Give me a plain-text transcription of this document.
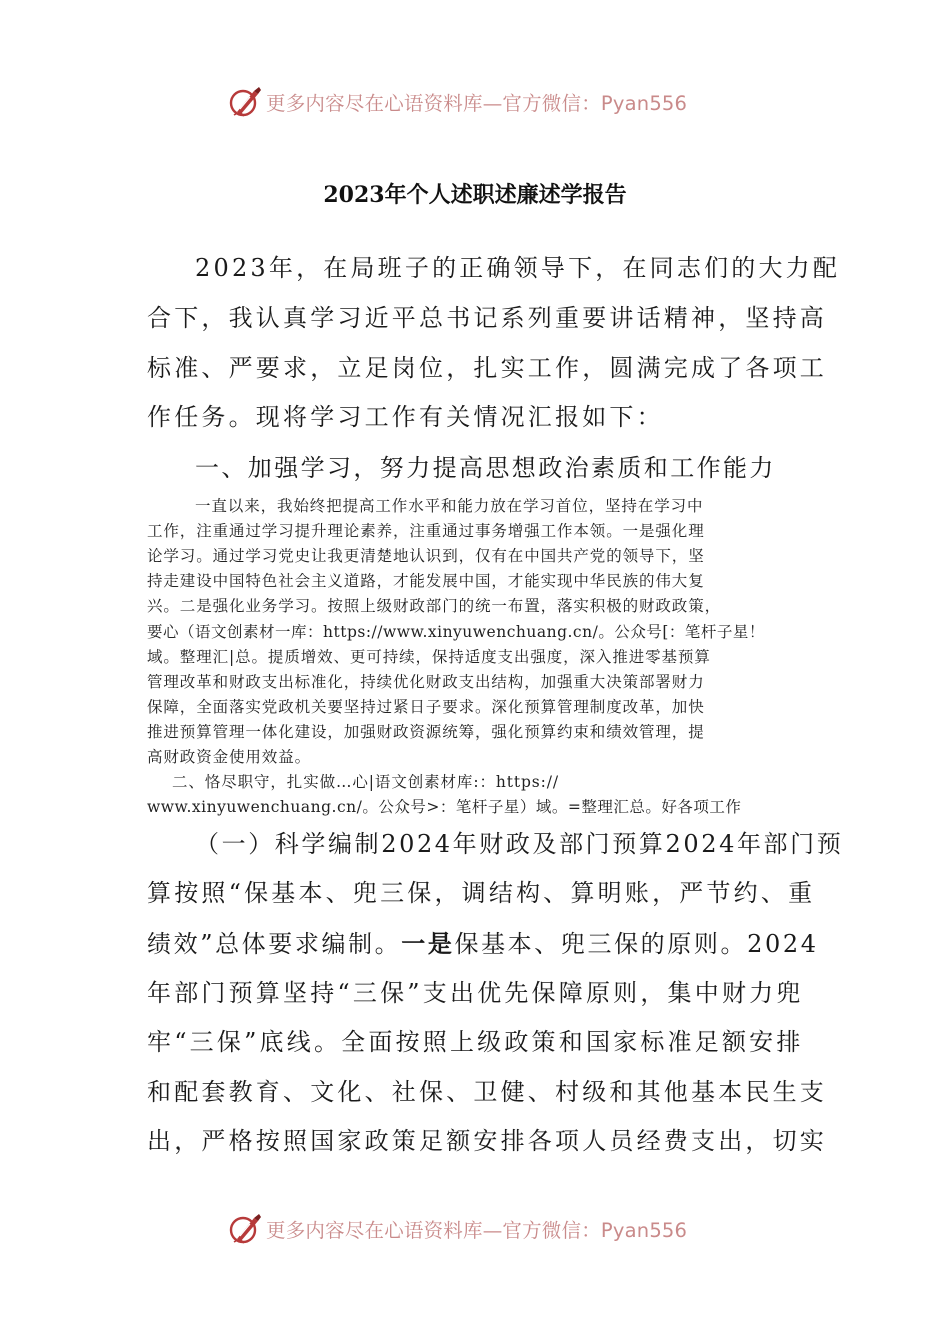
更多内容尽在心语资料库—官方微信：Pyan556
2023年个人述职述廉述学报告
2023年，在局班子的正确领导下，在同志们的大力配
合下，我认真学习近平总书记系列重要讲话精神，坚持高
标准、严要求，立足岗位，扎实工作，圆满完成了各项工
作任务。现将学习工作有关情况汇报如下：
一、加强学习，努力提高思想政治素质和工作能力
一直以来，我始终把提高工作水平和能力放在学习首位，坚持在学习中
工作，注重通过学习提升理论素养，注重通过事务增强工作本领。一是强化理
论学习。通过学习党史让我更清楚地认识到，仅有在中国共产党的领导下，坚
持走建设中国特色社会主义道路，才能发展中国，才能实现中华民族的伟大复
兴。二是强化业务学习。按照上级财政部门的统一布置，落实积极的财政政策，
要心（语文创素材一库：https://www.xinyuwenchuang.cn/。公众号[：笔杆子星！
域。整理汇|总。提质增效、更可持续，保持适度支出强度，深入推进零基预算
管理改革和财政支出标准化，持续优化财政支出结构，加强重大决策部署财力
保障，全面落实党政机关要坚持过紧日子要求。深化预算管理制度改革，加快
推进预算管理一体化建设，加强财政资源统筹，强化预算约束和绩效管理，提
高财政资金使用效益。
二、恪尽职守，扎实做…心|语文创素材库:：https://
www.xinyuwenchuang.cn/。公众号>：笔杆子星）域。=整理汇总。好各项工作
（一）科学编制2024年财政及部门预算2024年部门预
算按照“保基本、兜三保，调结构、算明账，严节约、重
绩效”总体要求编制。一是保基本、兜三保的原则。2024
年部门预算坚持“三保”支出优先保障原则，集中财力兜
牢“三保”底线。全面按照上级政策和国家标准足额安排
和配套教育、文化、社保、卫健、村级和其他基本民生支
出，严格按照国家政策足额安排各项人员经费支出，切实
更多内容尽在心语资料库—官方微信：Pyan556
